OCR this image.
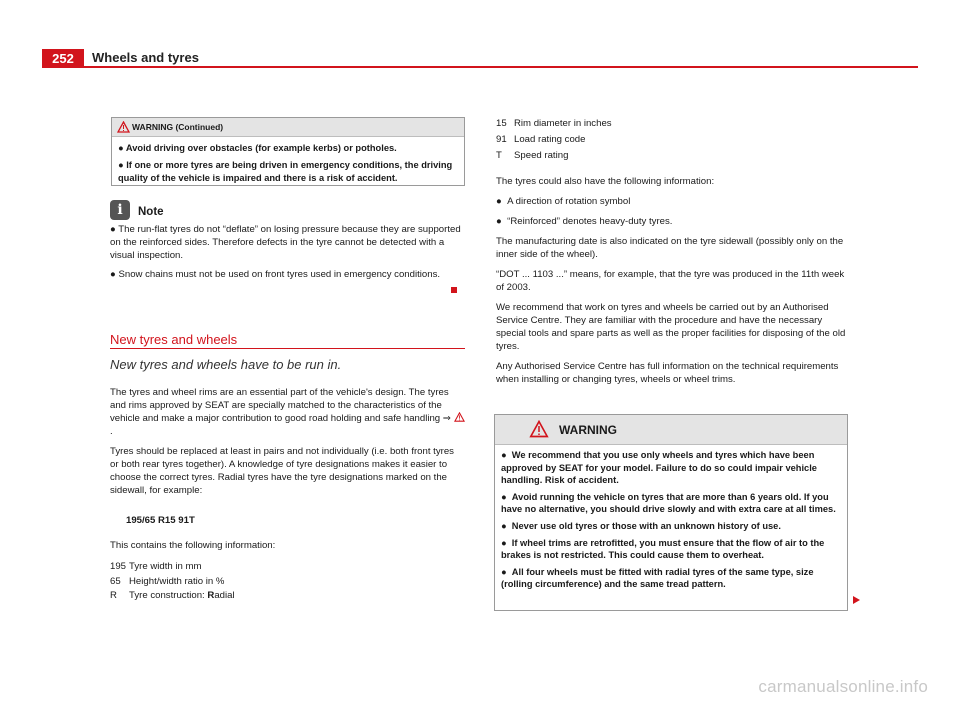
252	Wheels and tyres
WARNING (Continued)

● Avoid driving over obstacles (for example kerbs) or potholes.

● If one or more tyres are being driven in emergency conditions, the driving quality of the vehicle is impaired and there is a risk of accident.

i	Note

● The run-flat tyres do not “deflate” on losing pressure because they are supported on the reinforced sides. Therefore defects in the tyre cannot be detected with a visual inspection.

● Snow chains must not be used on front tyres used in emergency conditions.

New tyres and wheels
New tyres and wheels have to be run in.

The tyres and wheel rims are an essential part of the vehicle's design. The tyres and rims approved by SEAT are specially matched to the characteristics of the vehicle and make a major contribution to good road holding and safe handling ⇒ .

Tyres should be replaced at least in pairs and not individually (i.e. both front tyres or both rear tyres together). A knowledge of tyre designations makes it easier to choose the correct tyres. Radial tyres have the tyre designations marked on the sidewall, for example:

195/65 R15 91T
This contains the following information:
195 Tyre width in mm
65 Height/width ratio in %
R Tyre construction: Radial
15 Rim diameter in inches
91 Load rating code
T Speed rating

The tyres could also have the following information:

●  A direction of rotation symbol

●  “Reinforced” denotes heavy-duty tyres.

The manufacturing date is also indicated on the tyre sidewall (possibly only on the inner side of the wheel).

“DOT ... 1103 ...” means, for example, that the tyre was produced in the 11th week of 2003.

We recommend that work on tyres and wheels be carried out by an Authorised Service Centre. They are familiar with the procedure and have the necessary special tools and spare parts as well as the proper facilities for disposing of the old tyres.

Any Authorised Service Centre has full information on the technical requirements when installing or changing tyres, wheels or wheel trims.

WARNING

●  We recommend that you use only wheels and tyres which have been approved by SEAT for your model. Failure to do so could impair vehicle handling. Risk of accident.

●  Avoid running the vehicle on tyres that are more than 6 years old. If you have no alternative, you should drive slowly and with extra care at all times.

●  Never use old tyres or those with an unknown history of use.

●  If wheel trims are retrofitted, you must ensure that the flow of air to the brakes is not restricted. This could cause them to overheat.

●  All four wheels must be fitted with radial tyres of the same type, size (rolling circumference) and the same tread pattern.

carmanualsonline.info
